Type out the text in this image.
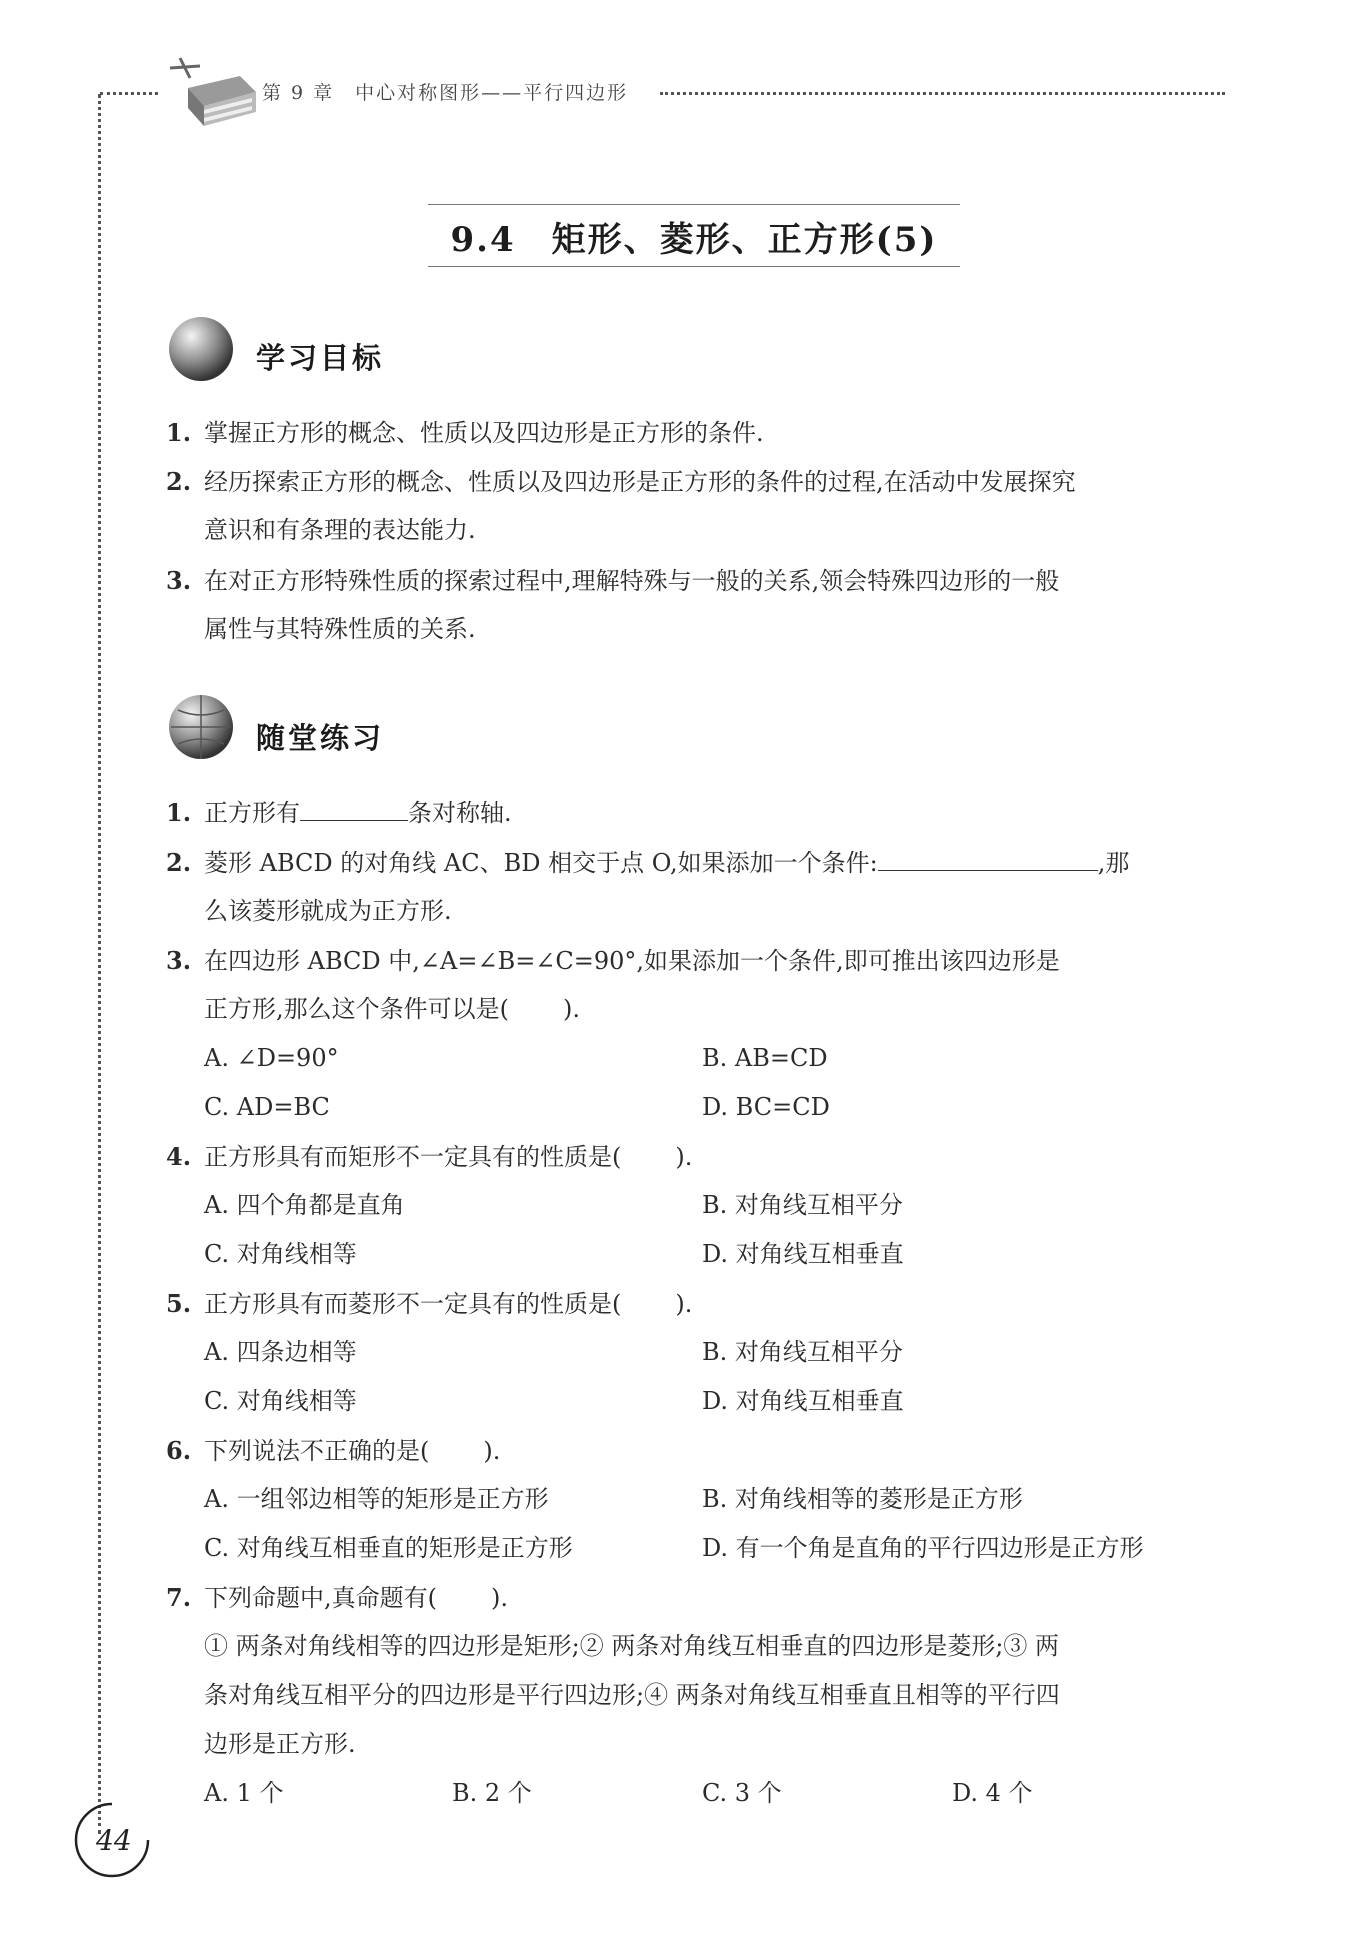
第 9 章　中心对称图形——平行四边形
9.4 矩形、菱形、正方形(5)
学习目标
1. 掌握正方形的概念、性质以及四边形是正方形的条件.
2. 经历探索正方形的概念、性质以及四边形是正方形的条件的过程,在活动中发展探究
意识和有条理的表达能力.
3. 在对正方形特殊性质的探索过程中,理解特殊与一般的关系,领会特殊四边形的一般
属性与其特殊性质的关系.
随堂练习
1. 正方形有	条对称轴.
2. 菱形 ABCD 的对角线 AC、BD 相交于点 O,如果添加一个条件:	,那
么该菱形就成为正方形.
3. 在四边形 ABCD 中,∠A=∠B=∠C=90°,如果添加一个条件,即可推出该四边形是
正方形,那么这个条件可以是( ).
A. ∠D=90°	B. AB=CD
C. AD=BC	D. BC=CD
4. 正方形具有而矩形不一定具有的性质是( ).
A. 四个角都是直角	B. 对角线互相平分
C. 对角线相等	D. 对角线互相垂直
5. 正方形具有而菱形不一定具有的性质是( ).
A. 四条边相等	B. 对角线互相平分
C. 对角线相等	D. 对角线互相垂直
6. 下列说法不正确的是( ).
A. 一组邻边相等的矩形是正方形	B. 对角线相等的菱形是正方形
C. 对角线互相垂直的矩形是正方形	D. 有一个角是直角的平行四边形是正方形
7. 下列命题中,真命题有( ).
① 两条对角线相等的四边形是矩形;② 两条对角线互相垂直的四边形是菱形;③ 两
条对角线互相平分的四边形是平行四边形;④ 两条对角线互相垂直且相等的平行四
边形是正方形.
A. 1 个	B. 2 个	C. 3 个	D. 4 个
44
